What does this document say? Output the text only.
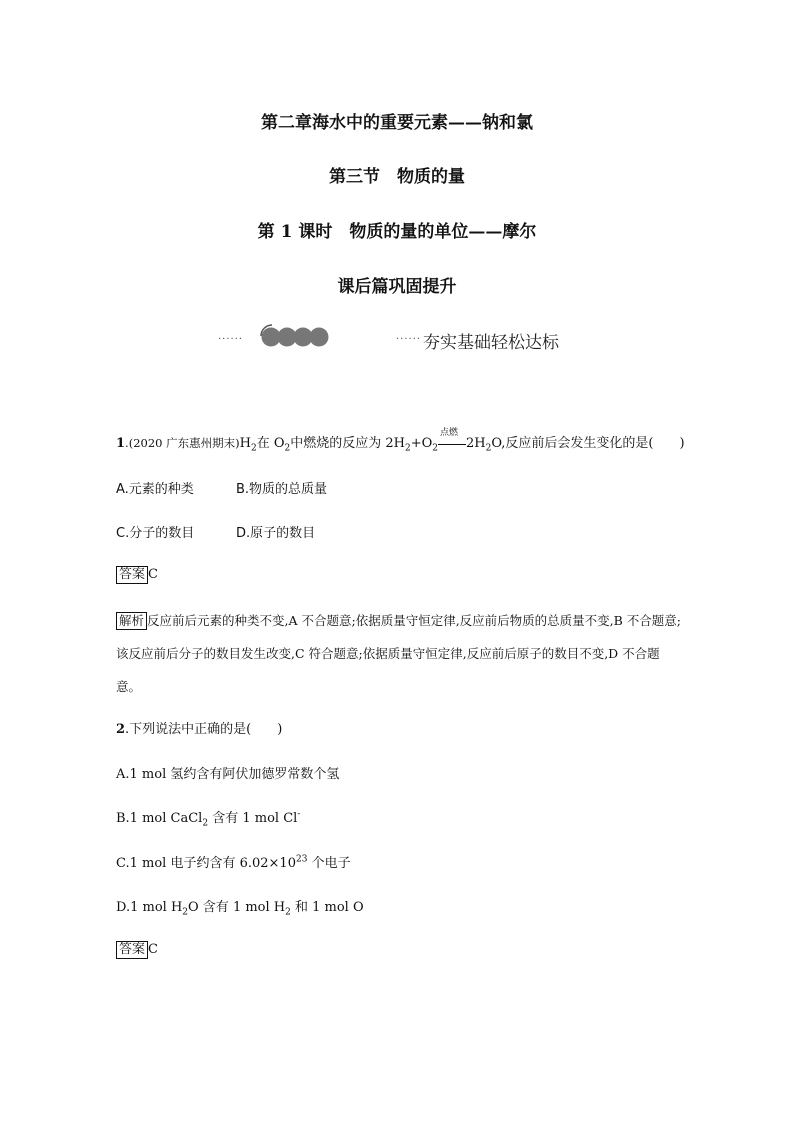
第二章海水中的重要元素——钠和氯
第三节　物质的量
第 1 课时　物质的量的单位——摩尔
课后篇巩固提升
······	······ 夯实基础轻松达标
1.(2020 广东惠州期末)$H_2$在 $O_2$中燃烧的反应为 $2H_2+O_2$
点燃
$2H_2O$,反应前后会发生变化的是(　　)
A.元素的种类	B.物质的总质量
C.分子的数目	D.原子的数目
答案 C
解析 反应前后元素的种类不变,A 不合题意;依据质量守恒定律,反应前后物质的总质量不变,B 不合题意;该反应前后分子的数目发生改变,C 符合题意;依据质量守恒定律,反应前后原子的数目不变,D 不合题意。
2.下列说法中正确的是(　　)
A.1 mol 氢约含有阿伏加德罗常数个氢
B.1 mol CaCl$_2$ 含有 1 mol Cl-
C.1 mol 电子约含有 $6.02\times 10^{23}$ 个电子
D.1 mol $H_2O$ 含有 1 mol $H_2$ 和 1 mol O
答案 C
